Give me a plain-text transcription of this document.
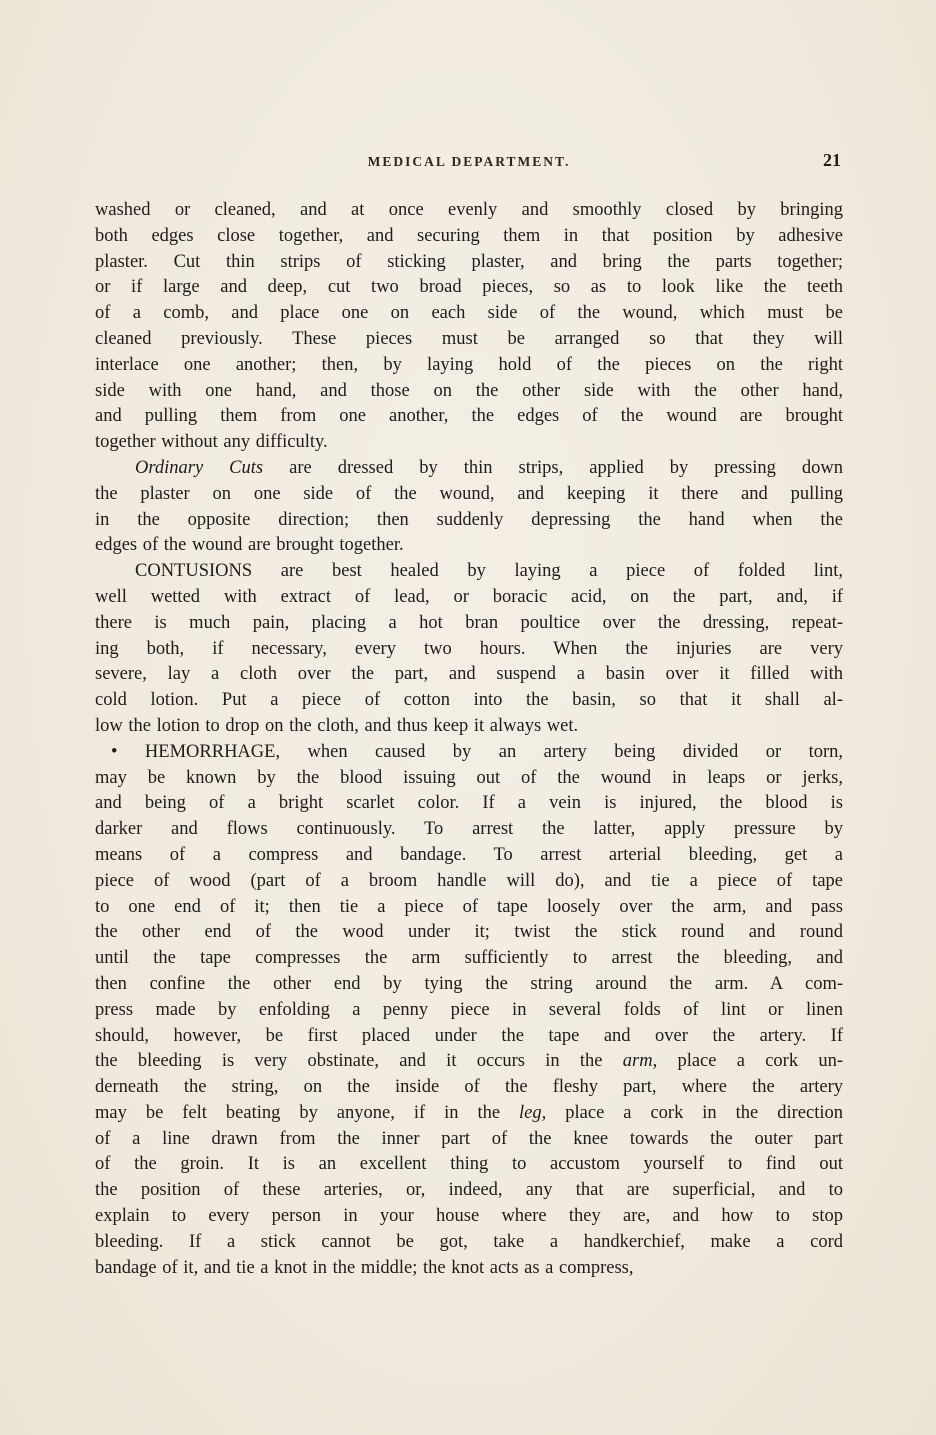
MEDICAL DEPARTMENT.	21
washed or cleaned, and at once evenly and smoothly closed by bringing
both edges close together, and securing them in that position by adhesive
plaster. Cut thin strips of sticking plaster, and bring the parts together;
or if large and deep, cut two broad pieces, so as to look like the teeth
of a comb, and place one on each side of the wound, which must be
cleaned previously. These pieces must be arranged so that they will
interlace one another; then, by laying hold of the pieces on the right
side with one hand, and those on the other side with the other hand,
and pulling them from one another, the edges of the wound are brought
together without any difficulty.
Ordinary Cuts are dressed by thin strips, applied by pressing down
the plaster on one side of the wound, and keeping it there and pulling
in the opposite direction; then suddenly depressing the hand when the
edges of the wound are brought together.
CONTUSIONS are best healed by laying a piece of folded lint,
well wetted with extract of lead, or boracic acid, on the part, and, if
there is much pain, placing a hot bran poultice over the dressing, repeat-
ing both, if necessary, every two hours. When the injuries are very
severe, lay a cloth over the part, and suspend a basin over it filled with
cold lotion. Put a piece of cotton into the basin, so that it shall al-
low the lotion to drop on the cloth, and thus keep it always wet.
• HEMORRHAGE, when caused by an artery being divided or torn,
may be known by the blood issuing out of the wound in leaps or jerks,
and being of a bright scarlet color. If a vein is injured, the blood is
darker and flows continuously. To arrest the latter, apply pressure by
means of a compress and bandage. To arrest arterial bleeding, get a
piece of wood (part of a broom handle will do), and tie a piece of tape
to one end of it; then tie a piece of tape loosely over the arm, and pass
the other end of the wood under it; twist the stick round and round
until the tape compresses the arm sufficiently to arrest the bleeding, and
then confine the other end by tying the string around the arm. A com-
press made by enfolding a penny piece in several folds of lint or linen
should, however, be first placed under the tape and over the artery. If
the bleeding is very obstinate, and it occurs in the arm, place a cork un-
derneath the string, on the inside of the fleshy part, where the artery
may be felt beating by anyone, if in the leg, place a cork in the direction
of a line drawn from the inner part of the knee towards the outer part
of the groin. It is an excellent thing to accustom yourself to find out
the position of these arteries, or, indeed, any that are superficial, and to
explain to every person in your house where they are, and how to stop
bleeding. If a stick cannot be got, take a handkerchief, make a cord
bandage of it, and tie a knot in the middle; the knot acts as a compress,
